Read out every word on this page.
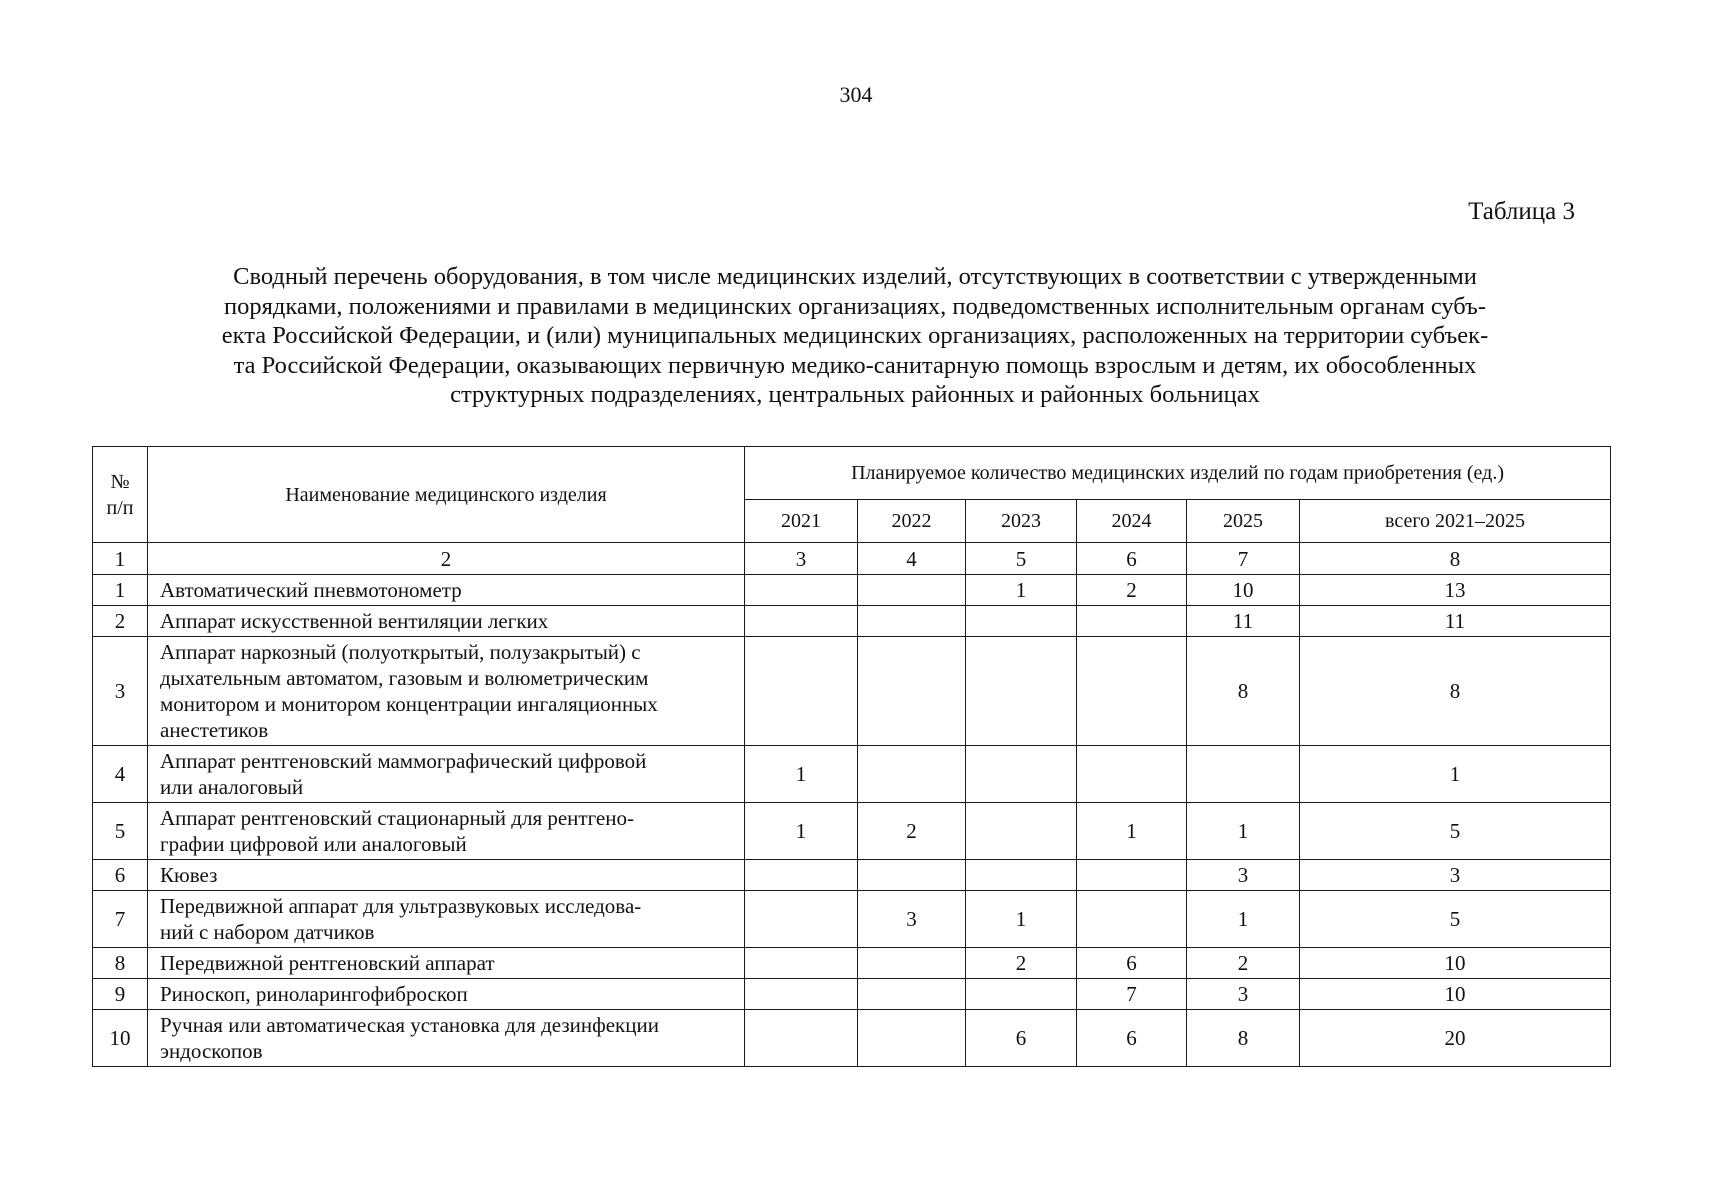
304
Таблица 3
Сводный перечень оборудования, в том числе медицинских изделий, отсутствующих в соответствии с утвержденными
порядками, положениями и правилами в медицинских организациях, подведомственных исполнительным органам субъ-
екта Российской Федерации, и (или) муниципальных медицинских организациях, расположенных на территории субъек-
та Российской Федерации, оказывающих первичную медико-санитарную помощь взрослым и детям, их обособленных
структурных подразделениях, центральных районных и районных больницах
№
п/п	Наименование медицинского изделия	Планируемое количество медицинских изделий по годам приобретения (ед.)					
		2021	2022	2023	2024	2025	всего 2021–2025
1	2	3	4	5	6	7	8
1	Автоматический пневмотонометр			1	2	10	13
2	Аппарат искусственной вентиляции легких					11	11
3	Аппарат наркозный (полуоткрытый, полузакрытый) с
дыхательным автоматом, газовым и волюметрическим
монитором и монитором концентрации ингаляционных
анестетиков					8	8
4	Аппарат рентгеновский маммографический цифровой
или аналоговый	1					1
5	Аппарат рентгеновский стационарный для рентгено-
графии цифровой или аналоговый	1	2		1	1	5
6	Кювез					3	3
7	Передвижной аппарат для ультразвуковых исследова-
ний с набором датчиков		3	1		1	5
8	Передвижной рентгеновский аппарат			2	6	2	10
9	Риноскоп, риноларингофиброскоп				7	3	10
10	Ручная или автоматическая установка для дезинфекции
эндоскопов			6	6	8	20
